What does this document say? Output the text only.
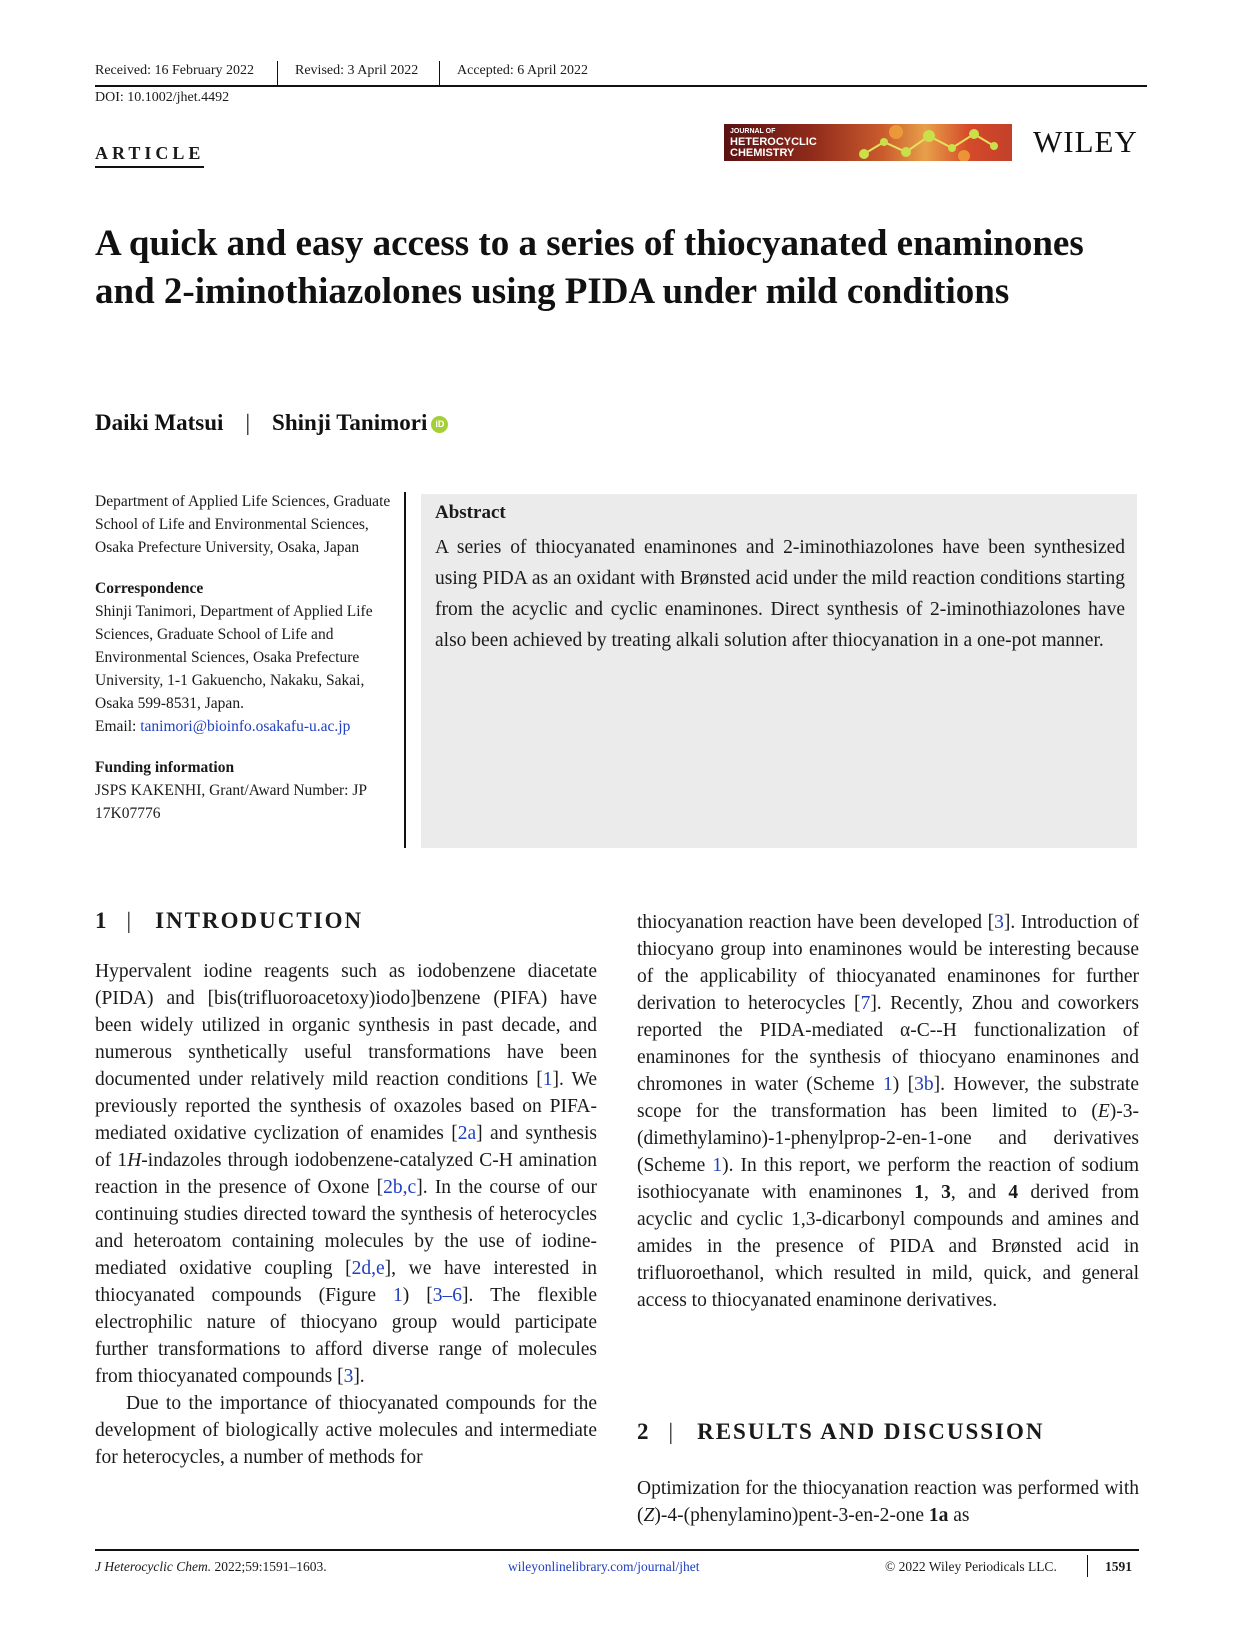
Received: 16 February 2022	Revised: 3 April 2022	Accepted: 6 April 2022
DOI: 10.1002/jhet.4492
ARTICLE
JOURNAL OF
HETEROCYCLIC
CHEMISTRY	WILEY
A quick and easy access to a series of thiocyanated enaminones and 2-iminothiazolones using PIDA under mild conditions
Daiki Matsui | Shinji Tanimori iD

Department of Applied Life Sciences, Graduate School of Life and Environmental Sciences, Osaka Prefecture University, Osaka, Japan

Correspondence

Shinji Tanimori, Department of Applied Life Sciences, Graduate School of Life and Environmental Sciences, Osaka Prefecture University, 1-1 Gakuencho, Nakaku, Sakai, Osaka 599-8531, Japan.

Email: tanimori@bioinfo.osakafu-u.ac.jp

Funding information

JSPS KAKENHI, Grant/Award Number: JP 17K07776

Abstract

A series of thiocyanated enaminones and 2-iminothiazolones have been synthesized using PIDA as an oxidant with Brønsted acid under the mild reaction conditions starting from the acyclic and cyclic enaminones. Direct synthesis of 2-iminothiazolones have also been achieved by treating alkali solution after thiocyanation in a one-pot manner.

1 | INTRODUCTION

Hypervalent iodine reagents such as iodobenzene diacetate (PIDA) and [bis(trifluoroacetoxy)iodo]benzene (PIFA) have been widely utilized in organic synthesis in past decade, and numerous synthetically useful transformations have been documented under relatively mild reaction conditions [1]. We previously reported the synthesis of oxazoles based on PIFA-mediated oxidative cyclization of enamides [2a] and synthesis of 1H-indazoles through iodobenzene-catalyzed C-H amination reaction in the presence of Oxone [2b,c]. In the course of our continuing studies directed toward the synthesis of heterocycles and heteroatom containing molecules by the use of iodine-mediated oxidative coupling [2d,e], we have interested in thiocyanated compounds (Figure 1) [3–6]. The flexible electrophilic nature of thiocyano group would participate further transformations to afford diverse range of molecules from thiocyanated compounds [3].

Due to the importance of thiocyanated compounds for the development of biologically active molecules and intermediate for heterocycles, a number of methods for

thiocyanation reaction have been developed [3]. Introduction of thiocyano group into enaminones would be interesting because of the applicability of thiocyanated enaminones for further derivation to heterocycles [7]. Recently, Zhou and coworkers reported the PIDA-mediated α-C--H functionalization of enaminones for the synthesis of thiocyano enaminones and chromones in water (Scheme 1) [3b]. However, the substrate scope for the transformation has been limited to (E)-3-(dimethylamino)-1-phenylprop-2-en-1-one and derivatives (Scheme 1). In this report, we perform the reaction of sodium isothiocyanate with enaminones 1, 3, and 4 derived from acyclic and cyclic 1,3-dicarbonyl compounds and amines and amides in the presence of PIDA and Brønsted acid in trifluoroethanol, which resulted in mild, quick, and general access to thiocyanated enaminone derivatives.

2 | RESULTS AND DISCUSSION

Optimization for the thiocyanation reaction was performed with (Z)-4-(phenylamino)pent-3-en-2-one 1a as

J Heterocyclic Chem. 2022;59:1591–1603.	wileyonlinelibrary.com/journal/jhet	© 2022 Wiley Periodicals LLC.	1591
